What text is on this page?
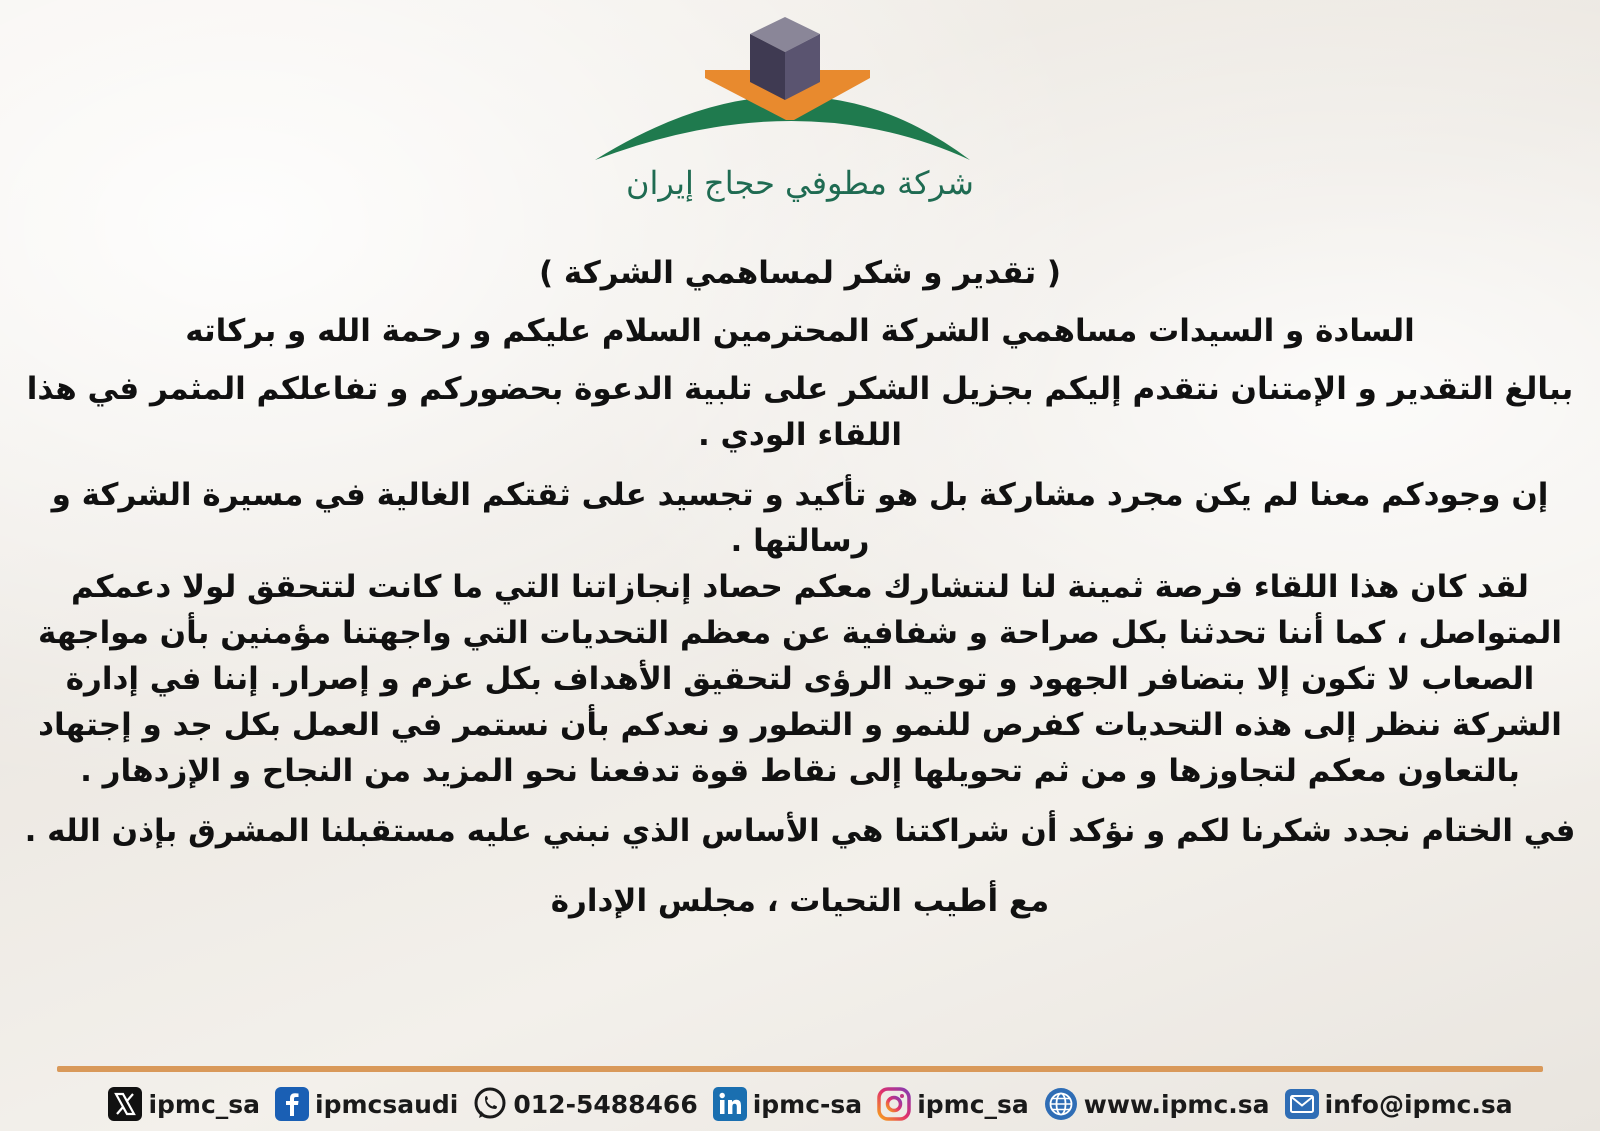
شركة مطوفي حجاج إيران
( تقدير و شكر لمساهمي الشركة )
السادة و السيدات مساهمي الشركة المحترمين السلام عليكم و رحمة الله و بركاته
ببالغ التقدير و الإمتنان نتقدم إليكم بجزيل الشكر على تلبية الدعوة بحضوركم و تفاعلكم المثمر في هذا اللقاء الودي .
إن وجودكم معنا لم يكن مجرد مشاركة بل هو تأكيد و تجسيد على ثقتكم الغالية في مسيرة الشركة و رسالتها .
لقد كان هذا اللقاء فرصة ثمينة لنا لنتشارك معكم حصاد إنجازاتنا التي ما كانت لتتحقق لولا دعمكم المتواصل ، كما أننا تحدثنا بكل صراحة و شفافية عن معظم التحديات التي واجهتنا مؤمنين بأن مواجهة الصعاب لا تكون إلا بتضافر الجهود و توحيد الرؤى لتحقيق الأهداف بكل عزم و إصرار. إننا في إدارة الشركة ننظر إلى هذه التحديات كفرص للنمو و التطور و نعدكم بأن نستمر في العمل بكل جد و إجتهاد بالتعاون معكم لتجاوزها و من ثم تحويلها إلى نقاط قوة تدفعنا نحو المزيد من النجاح و الإزدهار .
في الختام نجدد شكرنا لكم و نؤكد أن شراكتنا هي الأساس الذي نبني عليه مستقبلنا المشرق بإذن الله .
مع أطيب التحيات ، مجلس الإدارة
ipmc_sa ipmcsaudi 012-5488466 ipmc-sa ipmc_sa www.ipmc.sa info@ipmc.sa
